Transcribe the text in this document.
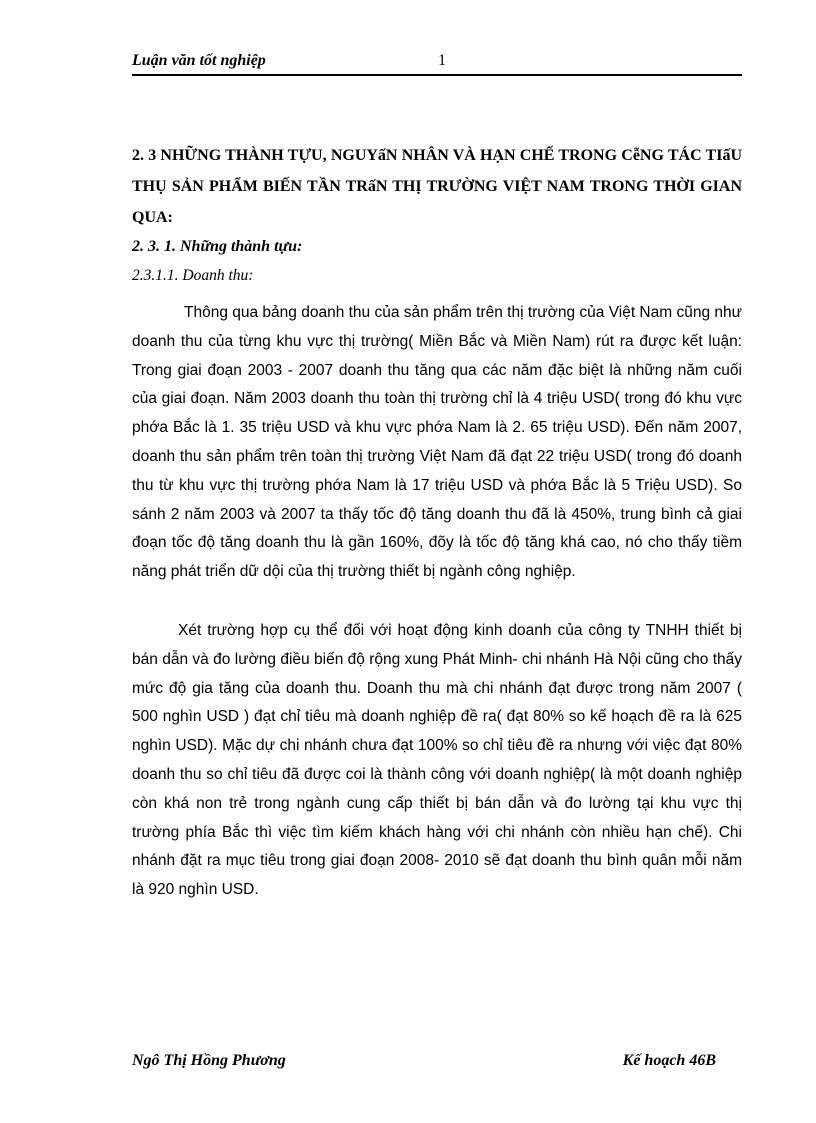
Luận văn tốt nghiệp	1
2. 3 NHỮNG THÀNH TỰU, NGUYấN NHÂN VÀ HẠN CHẾ TRONG CễNG TÁC TIấU THỤ SẢN PHẨM BIẾN TẦN TRấN THỊ TRƯỜNG VIỆT NAM TRONG THỜI GIAN QUA:
2. 3. 1. Những thành tựu:
2.3.1.1. Doanh thu:
Thông qua bảng doanh thu của sản phẩm trên thị trường của Việt Nam cũng như doanh thu của từng khu vực thị trường( Miền Bắc và Miền Nam) rút ra được kết luận: Trong giai đoạn 2003 - 2007 doanh thu tăng qua các năm đặc biệt là những năm cuối của giai đoạn. Năm 2003 doanh thu toàn thị trường chỉ là 4 triệu USD( trong đó khu vực phớa Bắc là 1. 35 triệu USD và khu vực phớa Nam là 2. 65 triệu USD). Đến năm 2007, doanh thu sản phẩm trên toàn thị trường Việt Nam đã đạt 22 triệu USD( trong đó doanh thu từ khu vực thị trường phớa Nam là 17 triệu USD và phớa Bắc là 5 Triệu USD). So sánh 2 năm 2003 và 2007 ta thấy tốc độ tăng doanh thu đã là 450%, trung bình cả giai đoạn tốc độ tăng doanh thu là gần 160%, đõy là tốc độ tăng khá cao, nó cho thấy tiềm năng phát triển dữ dội của thị trường thiết bị ngành công nghiệp.
Xét trường hợp cụ thể đối với hoạt động kinh doanh của công ty TNHH thiết bị bán dẫn và đo lường điều biến độ rộng xung Phát Minh- chi nhánh Hà Nội cũng cho thấy mức độ gia tăng của doanh thu. Doanh thu mà chi nhánh đạt được trong năm 2007 ( 500 nghìn USD ) đạt chỉ tiêu mà doanh nghiệp đề ra( đạt 80% so kế hoạch đề ra là 625 nghìn USD). Mặc dự chi nhánh chưa đạt 100% so chỉ tiêu đề ra nhưng với việc đạt 80% doanh thu so chỉ tiêu đã được coi là thành công với doanh nghiệp( là một doanh nghiệp còn khá non trẻ trong ngành cung cấp thiết bị bán dẫn và đo lường tại khu vực thị trường phía Bắc thì việc tìm kiếm khách hàng với chi nhánh còn nhiều hạn chế). Chi nhánh đặt ra mục tiêu trong giai đoạn 2008- 2010 sẽ đạt doanh thu bình quân mỗi năm là 920 nghìn USD.
Ngô Thị Hồng Phương	Kế hoạch 46B
